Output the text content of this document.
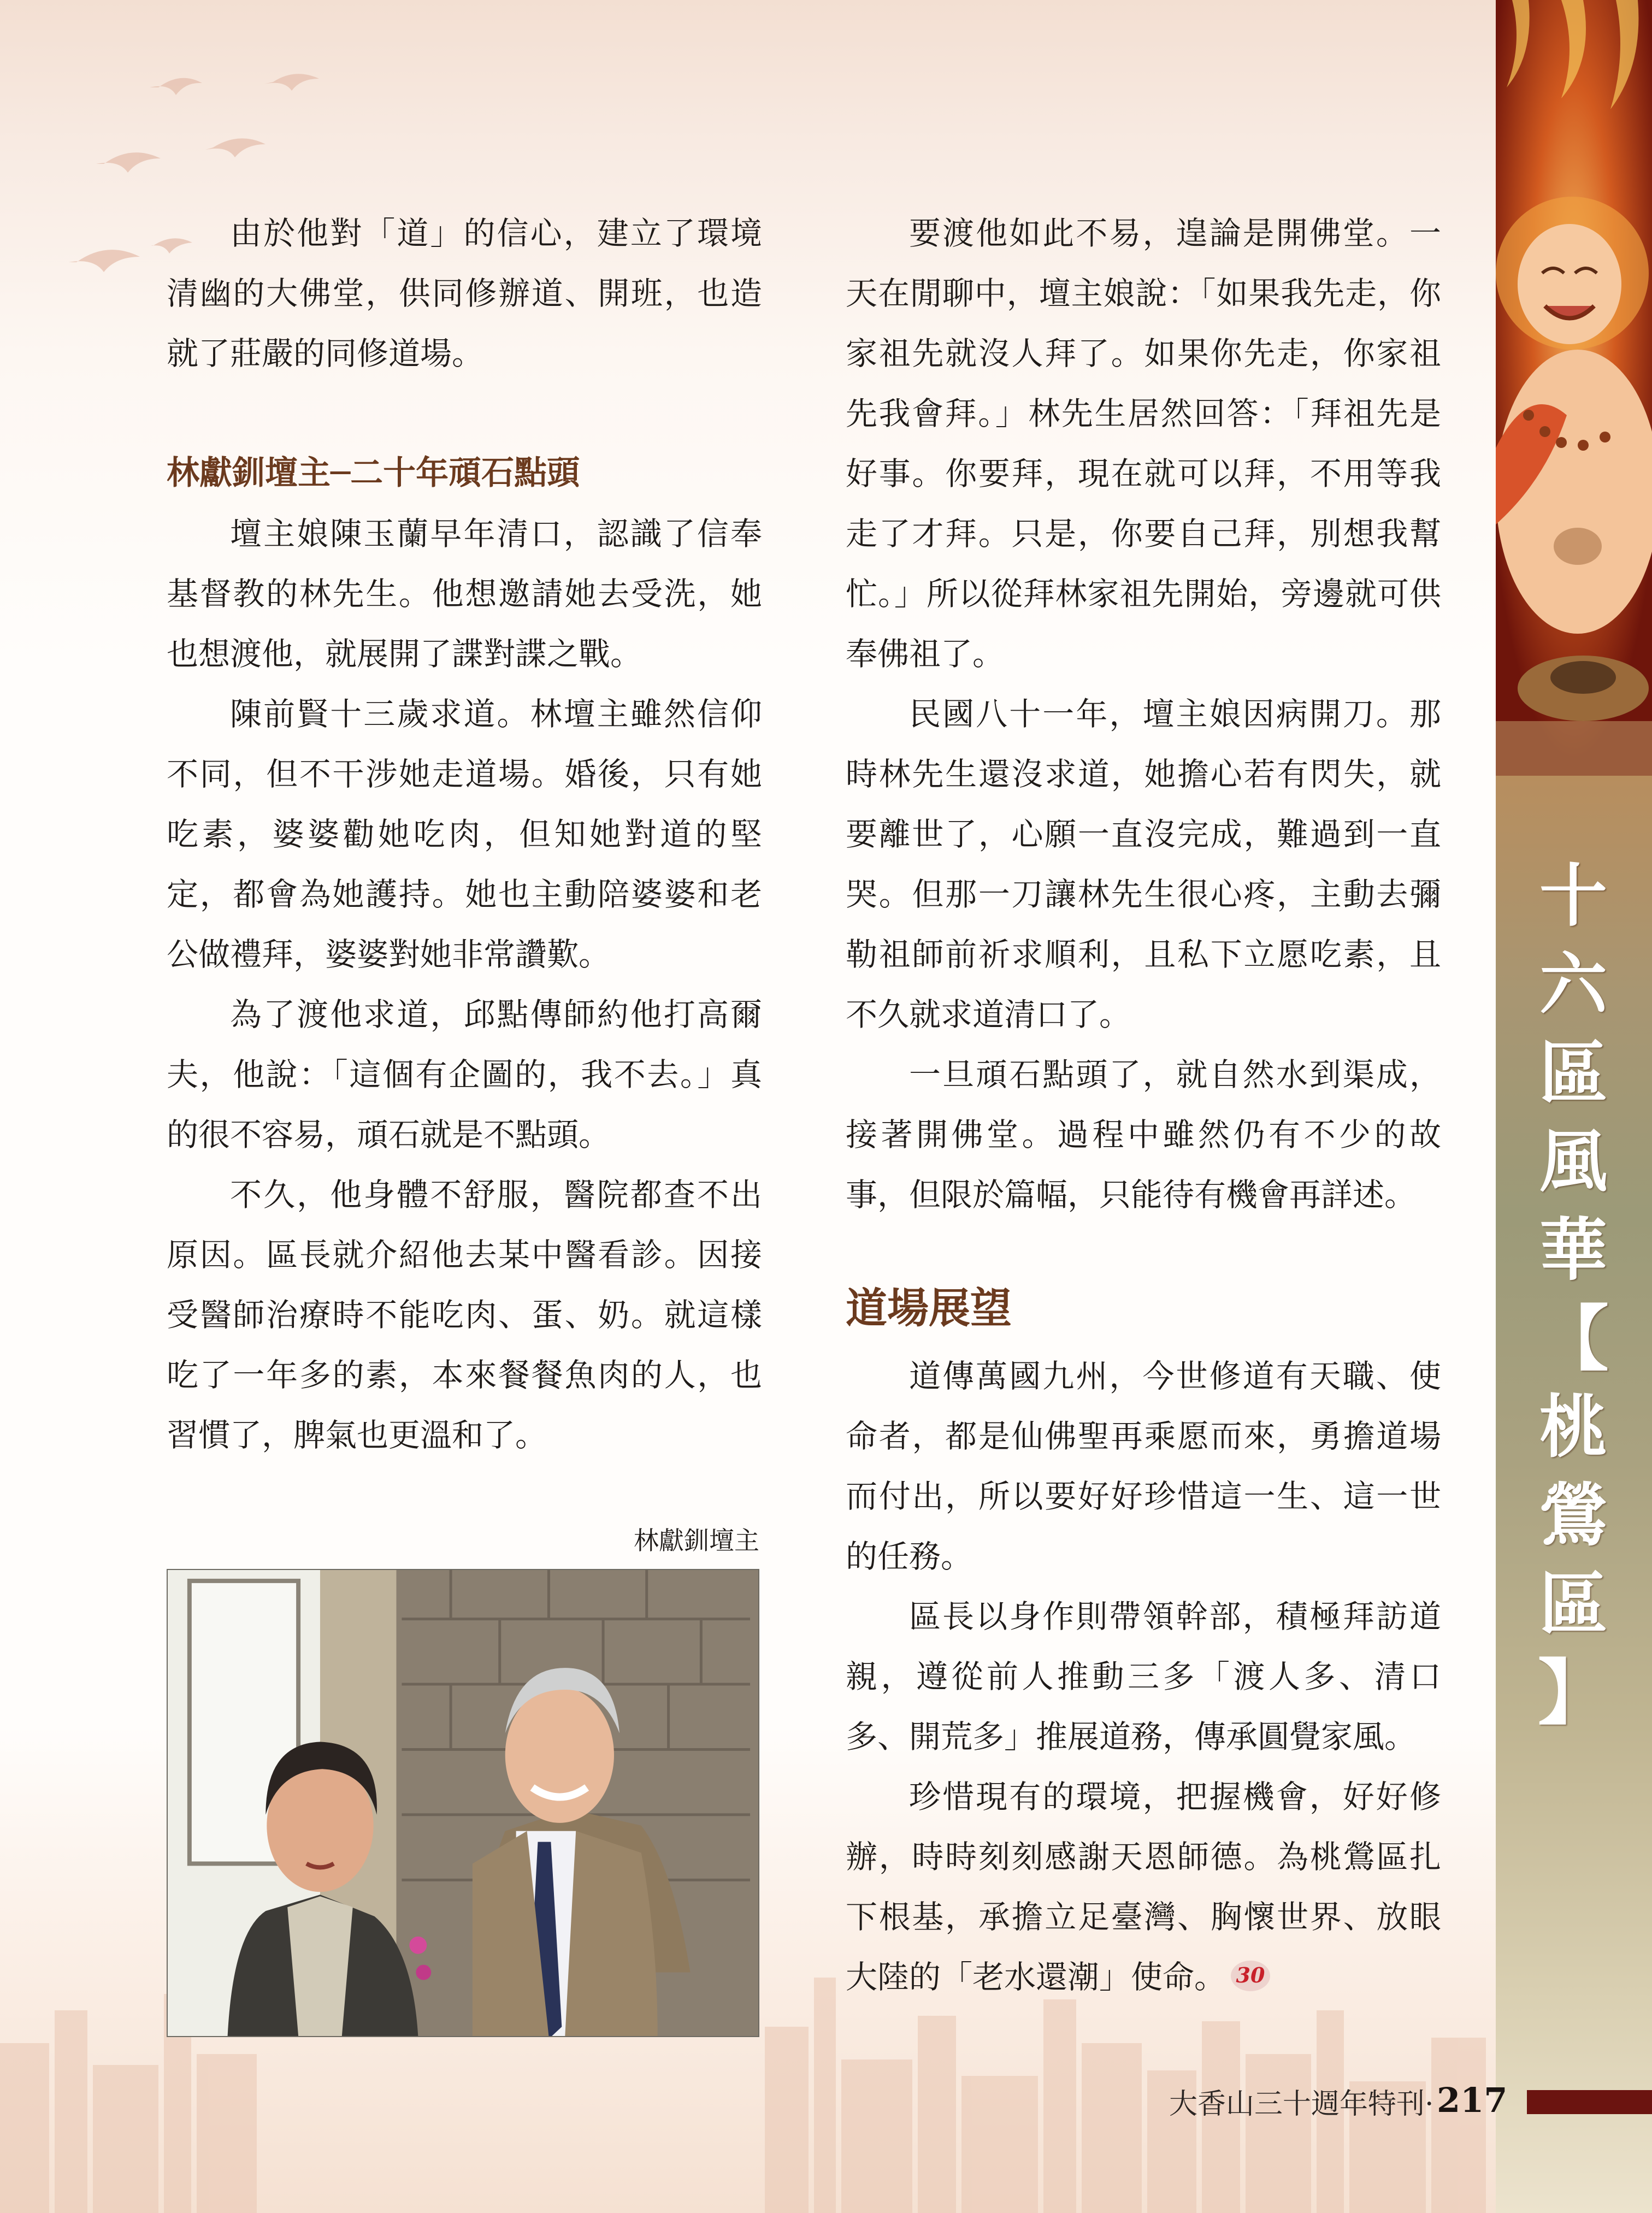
十
六
區
風
華
【
桃
鶯
區
】

由於他對「道」的信心，建立了環境清幽的大佛堂，供同修辦道、開班，也造就了莊嚴的同修道場。

林獻釧壇主─二十年頑石點頭

壇主娘陳玉蘭早年清口，認識了信奉基督教的林先生。他想邀請她去受洗，她也想渡他，就展開了諜對諜之戰。

陳前賢十三歲求道。林壇主雖然信仰不同，但不干涉她走道場。婚後，只有她吃素，婆婆勸她吃肉，但知她對道的堅定，都會為她護持。她也主動陪婆婆和老公做禮拜，婆婆對她非常讚歎。

為了渡他求道，邱點傳師約他打高爾夫，他說：「這個有企圖的，我不去。」真的很不容易，頑石就是不點頭。

不久，他身體不舒服，醫院都查不出原因。區長就介紹他去某中醫看診。因接受醫師治療時不能吃肉、蛋、奶。就這樣吃了一年多的素，本來餐餐魚肉的人，也習慣了，脾氣也更溫和了。

林獻釧壇主

要渡他如此不易，遑論是開佛堂。一天在閒聊中，壇主娘說：「如果我先走，你家祖先就沒人拜了。如果你先走，你家祖先我會拜。」林先生居然回答：「拜祖先是好事。你要拜，現在就可以拜，不用等我走了才拜。只是，你要自己拜，別想我幫忙。」所以從拜林家祖先開始，旁邊就可供奉佛祖了。

民國八十一年，壇主娘因病開刀。那時林先生還沒求道，她擔心若有閃失，就要離世了，心願一直沒完成，難過到一直哭。但那一刀讓林先生很心疼，主動去彌勒祖師前祈求順利，且私下立愿吃素，且不久就求道清口了。

一旦頑石點頭了，就自然水到渠成，接著開佛堂。過程中雖然仍有不少的故事，但限於篇幅，只能待有機會再詳述。

道場展望

道傳萬國九州，今世修道有天職、使命者，都是仙佛聖再乘愿而來，勇擔道場而付出，所以要好好珍惜這一生、這一世的任務。

區長以身作則帶領幹部，積極拜訪道親，遵從前人推動三多「渡人多、清口多、開荒多」推展道務，傳承圓覺家風。

珍惜現有的環境，把握機會，好好修辦，時時刻刻感謝天恩師德。為桃鶯區扎下根基，承擔立足臺灣、胸懷世界、放眼大陸的「老水還潮」使命。 30

大香山三十週年特刊· 217
